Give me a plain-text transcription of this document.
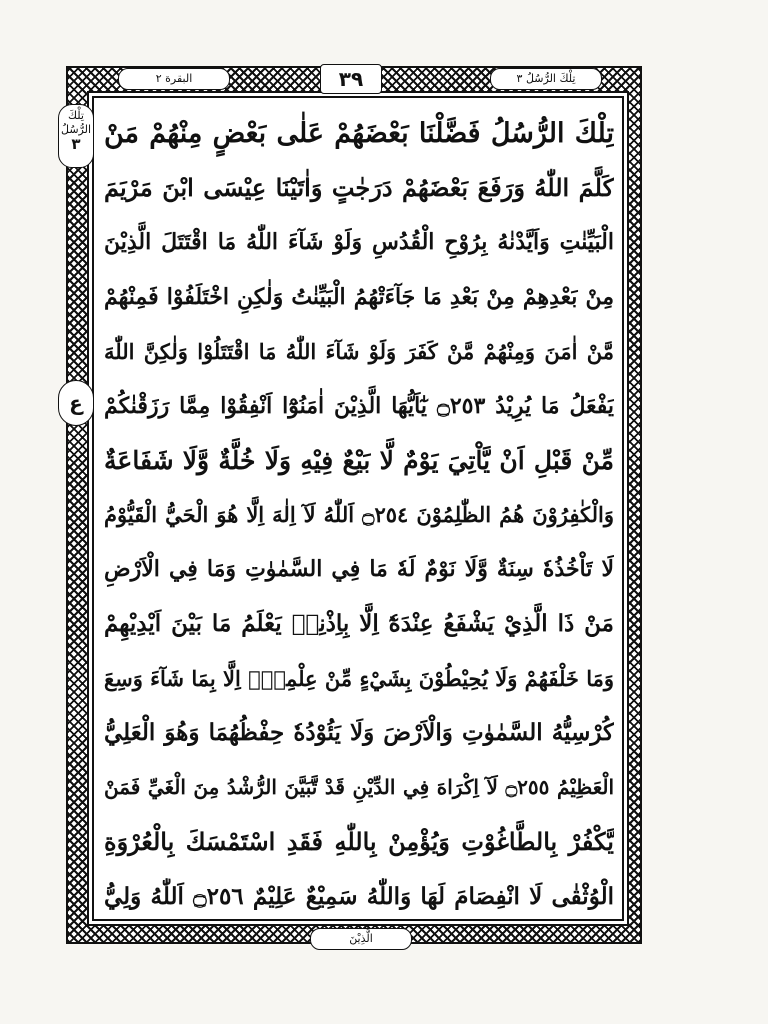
البقرة ٢	٣٩	تِلْكَ الرُّسُلُ ٣
تِلْكَ الرُّسُلُ
٣
ع
تِلْكَ الرُّسُلُ فَضَّلْنَا بَعْضَهُمْ عَلٰى بَعْضٍ مِنْهُمْ مَنْ
كَلَّمَ اللّٰهُ وَرَفَعَ بَعْضَهُمْ دَرَجٰتٍ وَاٰتَيْنَا عِيْسَى ابْنَ مَرْيَمَ
الْبَيِّنٰتِ وَاَيَّدْنٰهُ بِرُوْحِ الْقُدُسِ وَلَوْ شَآءَ اللّٰهُ مَا اقْتَتَلَ الَّذِيْنَ
مِنْ بَعْدِهِمْ مِنْ بَعْدِ مَا جَآءَتْهُمُ الْبَيِّنٰتُ وَلٰكِنِ اخْتَلَفُوْا فَمِنْهُمْ
مَّنْ اٰمَنَ وَمِنْهُمْ مَّنْ كَفَرَ وَلَوْ شَآءَ اللّٰهُ مَا اقْتَتَلُوْا وَلٰكِنَّ اللّٰهَ
يَفْعَلُ مَا يُرِيْدُ ۝٢٥٣ يٰٓاَيُّهَا الَّذِيْنَ اٰمَنُوْٓا اَنْفِقُوْا مِمَّا رَزَقْنٰكُمْ
مِّنْ قَبْلِ اَنْ يَّاْتِيَ يَوْمٌ لَّا بَيْعٌ فِيْهِ وَلَا خُلَّةٌ وَّلَا شَفَاعَةٌ
وَالْكٰفِرُوْنَ هُمُ الظّٰلِمُوْنَ ۝٢٥٤ اَللّٰهُ لَآ اِلٰهَ اِلَّا هُوَ الْحَيُّ الْقَيُّوْمُ
لَا تَاْخُذُهٗ سِنَةٌ وَّلَا نَوْمٌ لَهٗ مَا فِي السَّمٰوٰتِ وَمَا فِي الْاَرْضِ
مَنْ ذَا الَّذِيْ يَشْفَعُ عِنْدَهٗٓ اِلَّا بِاِذْنِهٖ يَعْلَمُ مَا بَيْنَ اَيْدِيْهِمْ
وَمَا خَلْفَهُمْ وَلَا يُحِيْطُوْنَ بِشَيْءٍ مِّنْ عِلْمِهٖٓ اِلَّا بِمَا شَآءَ وَسِعَ
كُرْسِيُّهُ السَّمٰوٰتِ وَالْاَرْضَ وَلَا يَئُوْدُهٗ حِفْظُهُمَا وَهُوَ الْعَلِيُّ
الْعَظِيْمُ ۝٢٥٥ لَآ اِكْرَاهَ فِي الدِّيْنِ قَدْ تَّبَيَّنَ الرُّشْدُ مِنَ الْغَيِّ فَمَنْ
يَّكْفُرْ بِالطَّاغُوْتِ وَيُؤْمِنْ بِاللّٰهِ فَقَدِ اسْتَمْسَكَ بِالْعُرْوَةِ
الْوُثْقٰى لَا انْفِصَامَ لَهَا وَاللّٰهُ سَمِيْعٌ عَلِيْمٌ ۝٢٥٦ اَللّٰهُ وَلِيُّ
الَّذِيْنَ
